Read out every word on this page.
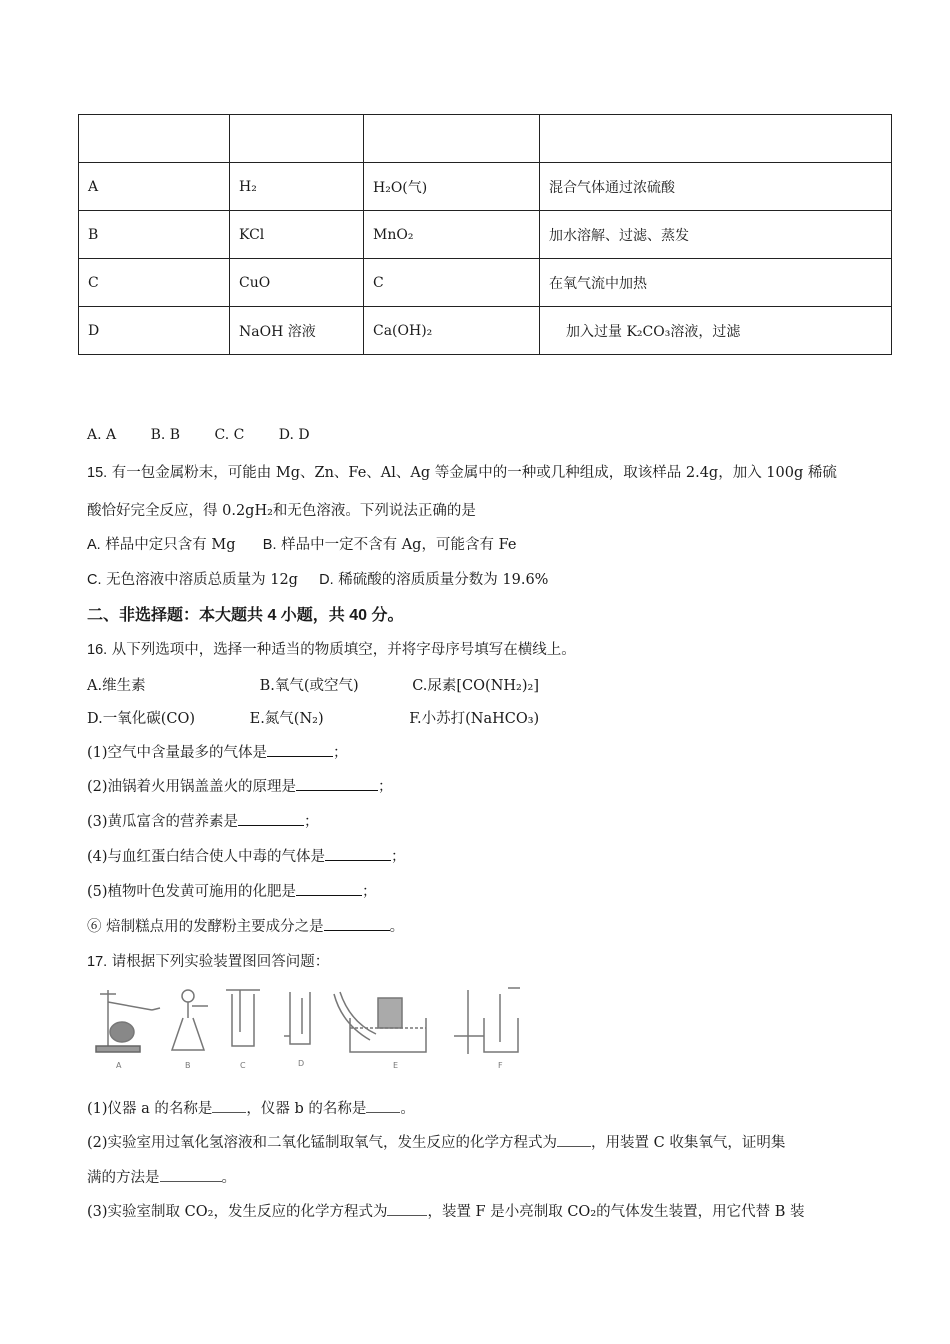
A	H₂	H₂O(气)	混合气体通过浓硫酸
B	KCl	MnO₂	加水溶解、过滤、蒸发
C	CuO	C	在氧气流中加热
D	NaOH 溶液	Ca(OH)₂	加入过量 K₂CO₃溶液，过滤
A. A B. B C. C D. D
15. 有一包金属粉末，可能由 Mg、Zn、Fe、Al、Ag 等金属中的一种或几种组成，取该样品 2.4g，加入 100g 稀硫
酸恰好完全反应，得 0.2gH₂和无色溶液。下列说法正确的是
A. 样品中定只含有 Mg B. 样品中一定不含有 Ag，可能含有 Fe
C. 无色溶液中溶质总质量为 12g D. 稀硫酸的溶质质量分数为 19.6%
二、非选择题：本大题共 4 小题，共 40 分。
16. 从下列选项中，选择一种适当的物质填空，并将字母序号填写在横线上。
A.维生素	B.氧气(或空气)	C.尿素[CO(NH₂)₂]
D.一氧化碳(CO)	E.氮气(N₂)	F.小苏打(NaHCO₃)
(1)空气中含量最多的气体是	；
(2)油锅着火用锅盖盖火的原理是	；
(3)黄瓜富含的营养素是	；
(4)与血红蛋白结合使人中毒的气体是	；
(5)植物叶色发黄可施用的化肥是	；
⑥ 焙制糕点用的发酵粉主要成分之是	。
17. 请根据下列实验装置图回答问题：
A	B	C	D	E	F
(1)仪器 a 的名称是 ，仪器 b 的名称是 。
(2)实验室用过氧化氢溶液和二氧化锰制取氧气，发生反应的化学方程式为 ，用装置 C 收集氧气，证明集
满的方法是	。
(3)实验室制取 CO₂，发生反应的化学方程式为	，装置 F 是小亮制取 CO₂的气体发生装置，用它代替 B 装
